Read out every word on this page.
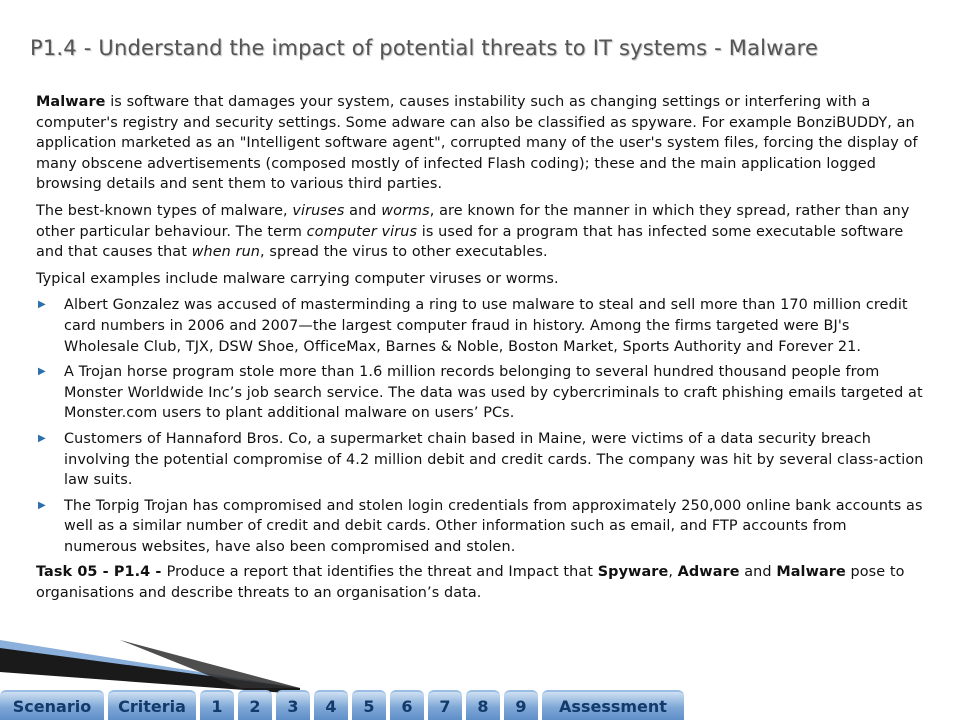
P1.4 - Understand the impact of potential threats to IT systems - Malware

Malware is software that damages your system, causes instability such as changing settings or interfering with a computer's registry and security settings. Some adware can also be classified as spyware. For example BonziBUDDY, an application marketed as an "Intelligent software agent", corrupted many of the user's system files, forcing the display of many obscene advertisements (composed mostly of infected Flash coding); these and the main application logged browsing details and sent them to various third parties.

The best-known types of malware, viruses and worms, are known for the manner in which they spread, rather than any other particular behaviour. The term computer virus is used for a program that has infected some executable software and that causes that when run, spread the virus to other executables.

Typical examples include malware carrying computer viruses or worms.

▶ Albert Gonzalez was accused of masterminding a ring to use malware to steal and sell more than 170 million credit card numbers in 2006 and 2007—the largest computer fraud in history. Among the firms targeted were BJ's Wholesale Club, TJX, DSW Shoe, OfficeMax, Barnes & Noble, Boston Market, Sports Authority and Forever 21.
▶ A Trojan horse program stole more than 1.6 million records belonging to several hundred thousand people from Monster Worldwide Inc’s job search service. The data was used by cybercriminals to craft phishing emails targeted at Monster.com users to plant additional malware on users’ PCs.
▶ Customers of Hannaford Bros. Co, a supermarket chain based in Maine, were victims of a data security breach involving the potential compromise of 4.2 million debit and credit cards. The company was hit by several class-action law suits.
▶ The Torpig Trojan has compromised and stolen login credentials from approximately 250,000 online bank accounts as well as a similar number of credit and debit cards. Other information such as email, and FTP accounts from numerous websites, have also been compromised and stolen.

Task 05 - P1.4 - Produce a report that identifies the threat and Impact that Spyware, Adware and Malware pose to organisations and describe threats to an organisation’s data.

Scenario	Criteria	1	2	3	4	5	6	7	8	9	Assessment
